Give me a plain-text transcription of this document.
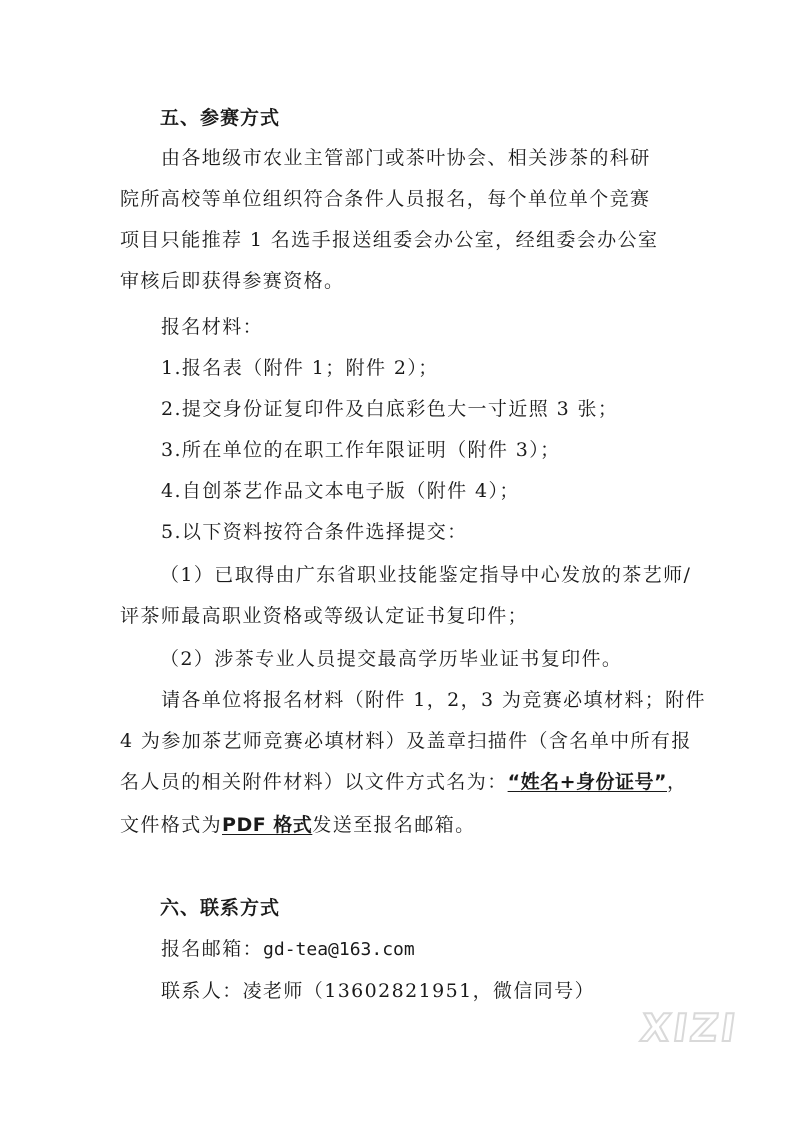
五、参赛方式
由各地级市农业主管部门或茶叶协会、相关涉茶的科研
院所高校等单位组织符合条件人员报名，每个单位单个竞赛
项目只能推荐 1 名选手报送组委会办公室，经组委会办公室
审核后即获得参赛资格。
报名材料：
1.报名表（附件 1；附件 2）；
2.提交身份证复印件及白底彩色大一寸近照 3 张；
3.所在单位的在职工作年限证明（附件 3）；
4.自创茶艺作品文本电子版（附件 4）；
5.以下资料按符合条件选择提交：
（1）已取得由广东省职业技能鉴定指导中心发放的茶艺师/
评茶师最高职业资格或等级认定证书复印件；
（2）涉茶专业人员提交最高学历毕业证书复印件。
请各单位将报名材料（附件 1，2，3 为竞赛必填材料；附件
4 为参加茶艺师竞赛必填材料）及盖章扫描件（含名单中所有报
名人员的相关附件材料）以文件方式名为：“姓名+身份证号”，
文件格式为PDF 格式发送至报名邮箱。
六、联系方式
报名邮箱：gd-tea@163.com
联系人：凌老师（13602821951，微信同号）
XIZI
